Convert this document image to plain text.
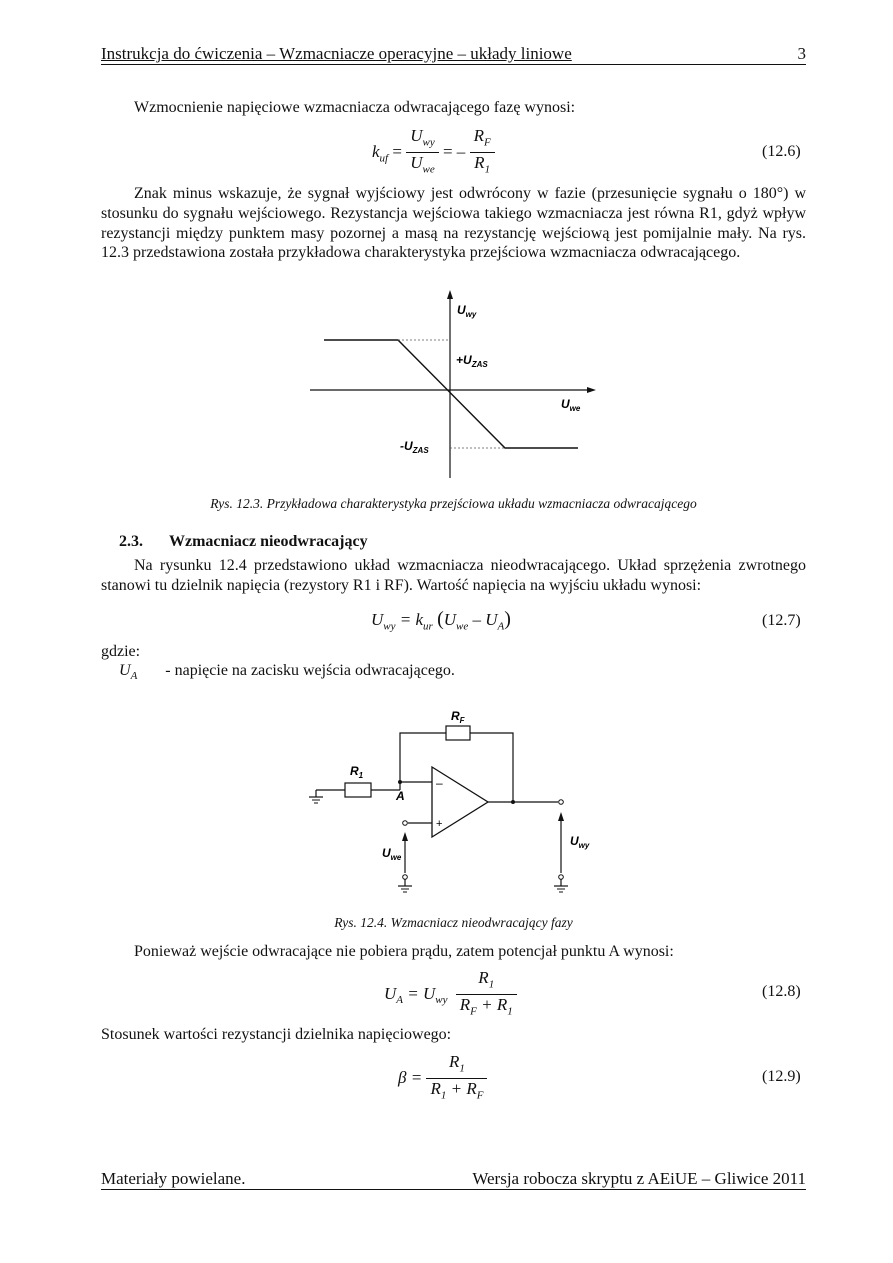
Instrukcja do ćwiczenia – Wzmacniacze operacyjne – układy liniowe	3
Wzmocnienie napięciowe wzmacniacza odwracającego fazę wynosi:
$k_{uf} = \frac{U_{wy}}{U_{we}}$ = – $\frac{R_F}{R_1}$	(12.6)
Znak minus wskazuje, że sygnał wyjściowy jest odwrócony w fazie (przesunięcie sygnału o 180°) w stosunku do sygnału wejściowego. Rezystancja wejściowa takiego wzmacniacza jest równa R1, gdyż wpływ rezystancji między punktem masy pozornej a masą na rezystancję wejściową jest pomijalnie mały. Na rys. 12.3 przedstawiona została przykładowa charakterystyka przejściowa wzmacniacza odwracającego.
$U_{wy}$
$+U_{ZAS}$
$U_{we}$
$-U_{ZAS}$
Rys. 12.3. Przykładowa charakterystyka przejściowa układu wzmacniacza odwracającego
2.3. Wzmacniacz nieodwracający
Na rysunku 12.4 przedstawiono układ wzmacniacza nieodwracającego. Układ sprzężenia zwrotnego stanowi tu dzielnik napięcia (rezystory R1 i RF). Wartość napięcia na wyjściu układu wynosi:
$U_{wy} = k_{ur}$ $(U_{we} - U_A)$	(12.7)
gdzie:
$U_A$ - napięcie na zacisku wejścia odwracającego.
–
+
$R_F$
$R_1$
A
$U_{we}$
$U_{wy}$
Rys. 12.4. Wzmacniacz nieodwracający fazy
Ponieważ wejście odwracające nie pobiera prądu, zatem potencjał punktu A wynosi:
$U_A = U_{wy} \frac{R_1}{R_F + R_1}$	(12.8)
Stosunek wartości rezystancji dzielnika napięciowego:
$\beta = \frac{R_1}{R_1 + R_F}$	(12.9)
Materiały powielane.	Wersja robocza skryptu z AEiUE – Gliwice 2011
